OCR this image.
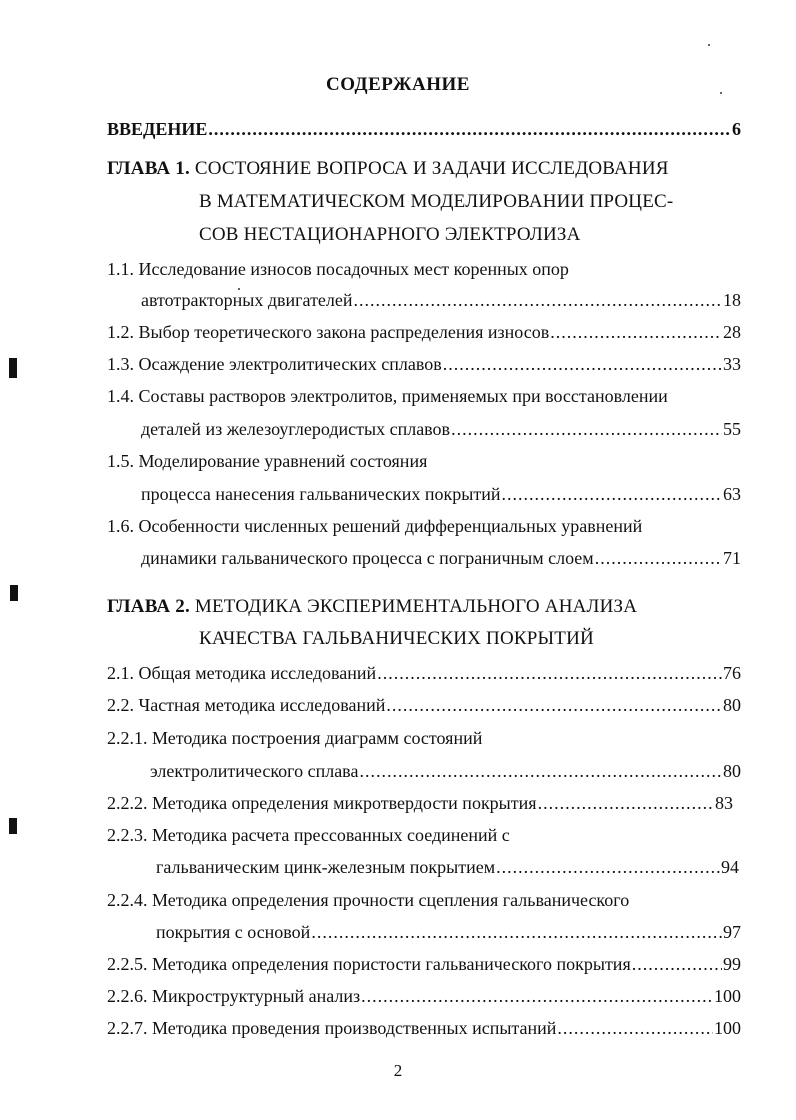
СОДЕРЖАНИЕ
ВВЕДЕНИЕ .....	6
ГЛАВА 1. СОСТОЯНИЕ ВОПРОСА И ЗАДАЧИ ИССЛЕДОВАНИЯ
В МАТЕМАТИЧЕСКОМ МОДЕЛИРОВАНИИ ПРОЦЕС-
СОВ НЕСТАЦИОНАРНОГО ЭЛЕКТРОЛИЗА
1.1. Исследование износов посадочных мест коренных опор
автотракторных двигателей .....	18
1.2. Выбор теоретического закона распределения износов .....	28
1.3. Осаждение электролитических сплавов .....	33
1.4. Составы растворов электролитов, применяемых при восстановлении
деталей из железоуглеродистых сплавов .....	55
1.5. Моделирование уравнений состояния
процесса нанесения гальванических покрытий .....	63
1.6. Особенности численных решений дифференциальных уравнений
динамики гальванического процесса с пограничным слоем .....	71
ГЛАВА 2. МЕТОДИКА ЭКСПЕРИМЕНТАЛЬНОГО АНАЛИЗА
КАЧЕСТВА ГАЛЬВАНИЧЕСКИХ ПОКРЫТИЙ
2.1. Общая методика исследований .....	76
2.2. Частная методика исследований .....	80
2.2.1. Методика построения диаграмм состояний
электролитического сплава .....	80
2.2.2. Методика определения микротвердости покрытия .....	83
2.2.3. Методика расчета прессованных соединений с
гальваническим цинк-железным покрытием .....	94
2.2.4. Методика определения прочности сцепления гальванического
покрытия с основой .....	97
2.2.5. Методика определения пористости гальванического покрытия .....	99
2.2.6. Микроструктурный анализ .....	100
2.2.7. Методика проведения производственных испытаний .....	100
2
